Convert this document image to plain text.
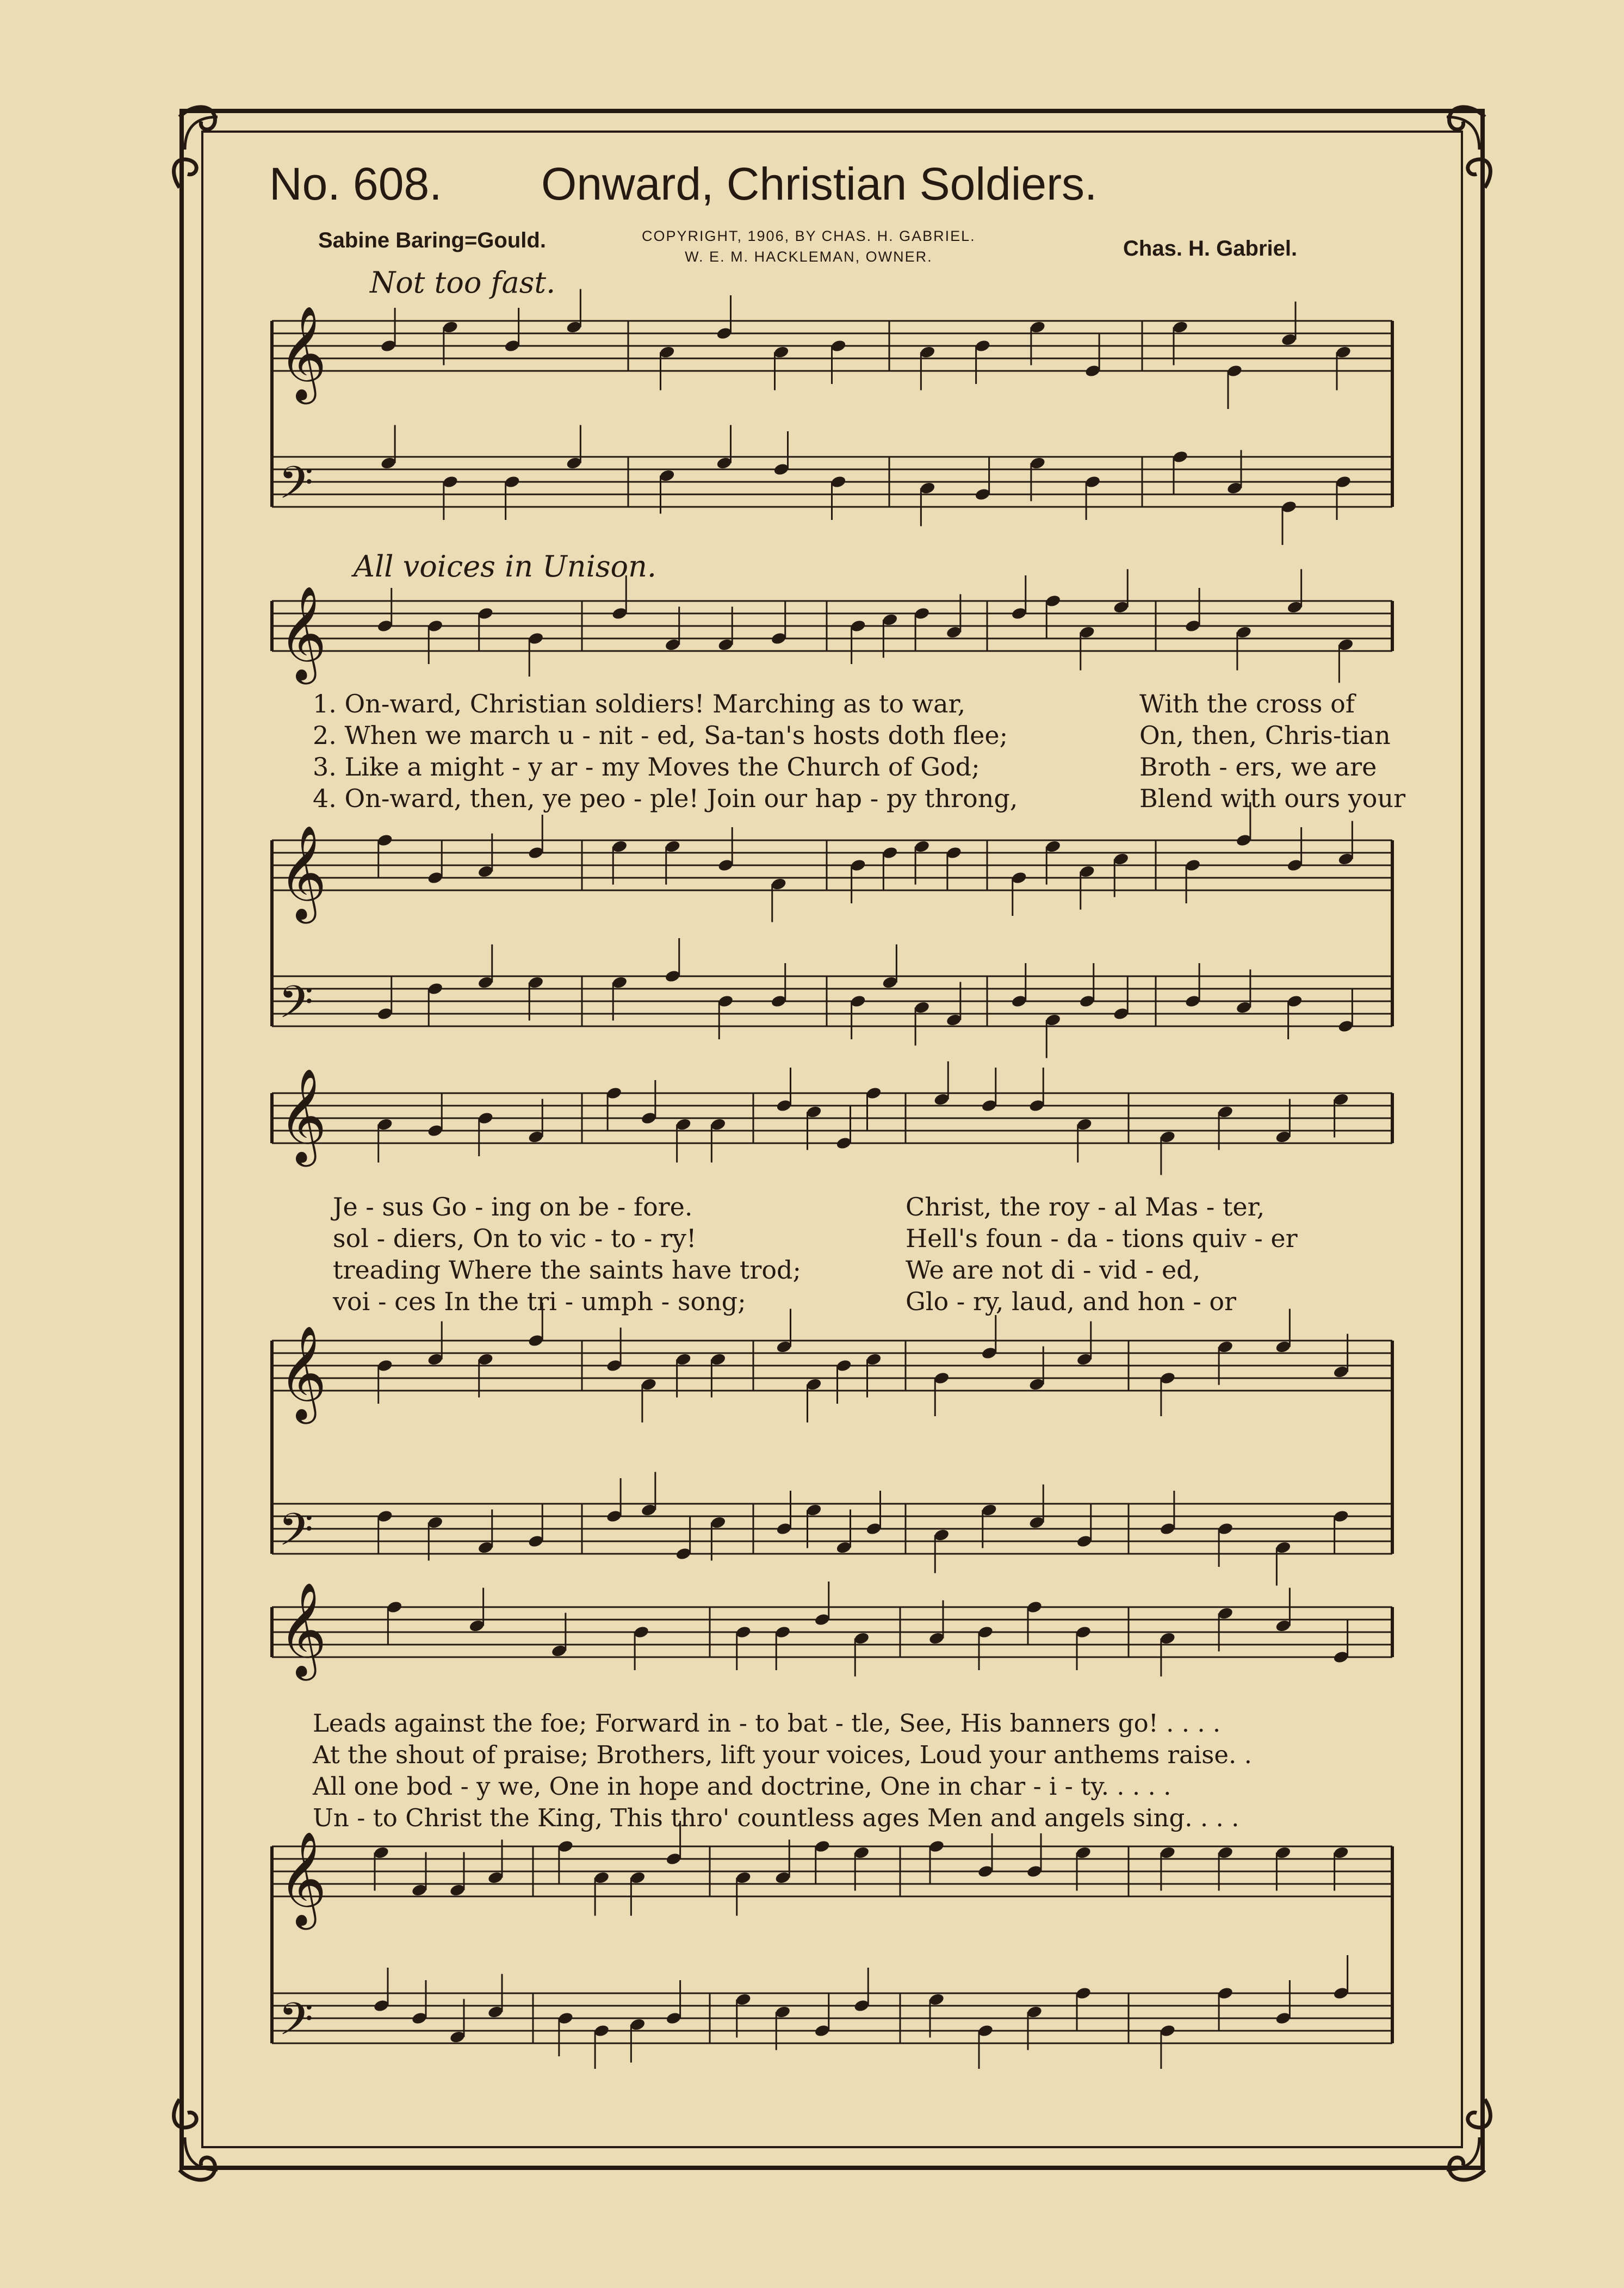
No. 608. Onward, Christian Soldiers.
Sabine Baring=Gould.	COPYRIGHT, 1906, BY CHAS. H. GABRIEL.
W. E. M. HACKLEMAN, OWNER.	Chas. H. Gabriel.
Not too fast.
All voices in Unison.
𝄞
𝄢
𝄞
𝄞
𝄢
𝄞
𝄞
𝄢
𝄞
𝄞
𝄢
1. On-ward, Christian soldiers! Marching as to war,
2. When we march u - nit - ed, Sa-tan's hosts doth flee;
3. Like a might - y ar - my Moves the Church of God;
4. On-ward, then, ye peo - ple! Join our hap - py throng,
With the cross of
On, then, Chris-tian
Broth - ers, we are
Blend with ours your
Je - sus Go - ing on be - fore.
sol - diers, On to vic - to - ry!
treading Where the saints have trod;
voi - ces In the tri - umph - song;
Christ, the roy - al Mas - ter,
Hell's foun - da - tions quiv - er
We are not di - vid - ed,
Glo - ry, laud, and hon - or
Leads against the foe; Forward in - to bat - tle, See, His banners go! . . . .
At the shout of praise; Brothers, lift your voices, Loud your anthems raise. .
All one bod - y we, One in hope and doctrine, One in char - i - ty. . . . .
Un - to Christ the King, This thro' countless ages Men and angels sing. . . .
